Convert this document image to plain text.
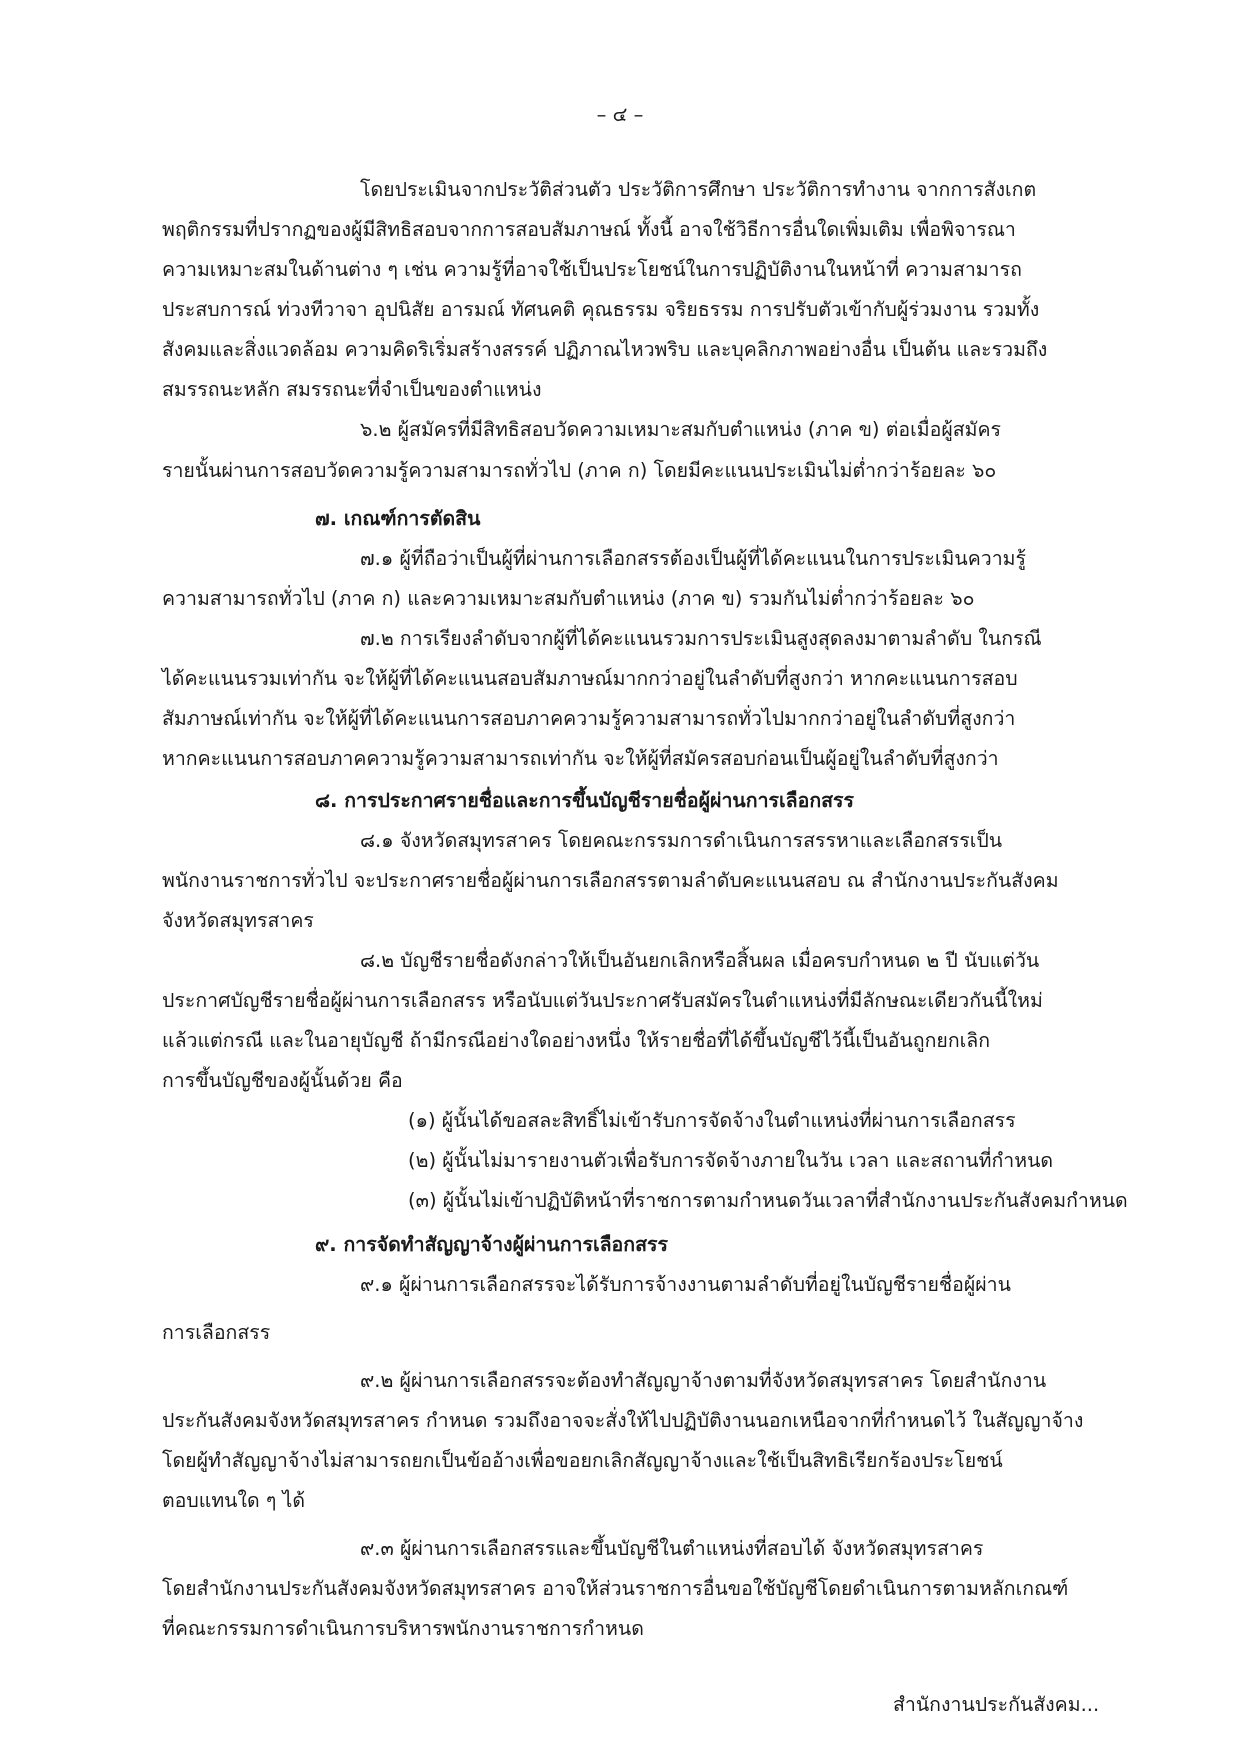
– ๔ –
โดยประเมินจากประวัติส่วนตัว ประวัติการศึกษา ประวัติการทำงาน จากการสังเกต
พฤติกรรมที่ปรากฏของผู้มีสิทธิสอบจากการสอบสัมภาษณ์ ทั้งนี้ อาจใช้วิธีการอื่นใดเพิ่มเติม เพื่อพิจารณา
ความเหมาะสมในด้านต่าง ๆ เช่น ความรู้ที่อาจใช้เป็นประโยชน์ในการปฏิบัติงานในหน้าที่ ความสามารถ
ประสบการณ์ ท่วงทีวาจา อุปนิสัย อารมณ์ ทัศนคติ คุณธรรม จริยธรรม การปรับตัวเข้ากับผู้ร่วมงาน รวมทั้ง
สังคมและสิ่งแวดล้อม ความคิดริเริ่มสร้างสรรค์ ปฏิภาณไหวพริบ และบุคลิกภาพอย่างอื่น เป็นต้น และรวมถึง
สมรรถนะหลัก สมรรถนะที่จำเป็นของตำแหน่ง
๖.๒ ผู้สมัครที่มีสิทธิสอบวัดความเหมาะสมกับตำแหน่ง (ภาค ข) ต่อเมื่อผู้สมัคร
รายนั้นผ่านการสอบวัดความรู้ความสามารถทั่วไป (ภาค ก) โดยมีคะแนนประเมินไม่ต่ำกว่าร้อยละ ๖๐
๗. เกณฑ์การตัดสิน
๗.๑ ผู้ที่ถือว่าเป็นผู้ที่ผ่านการเลือกสรรต้องเป็นผู้ที่ได้คะแนนในการประเมินความรู้
ความสามารถทั่วไป (ภาค ก) และความเหมาะสมกับตำแหน่ง (ภาค ข) รวมกันไม่ต่ำกว่าร้อยละ ๖๐
๗.๒ การเรียงลำดับจากผู้ที่ได้คะแนนรวมการประเมินสูงสุดลงมาตามลำดับ ในกรณี
ได้คะแนนรวมเท่ากัน จะให้ผู้ที่ได้คะแนนสอบสัมภาษณ์มากกว่าอยู่ในลำดับที่สูงกว่า หากคะแนนการสอบ
สัมภาษณ์เท่ากัน จะให้ผู้ที่ได้คะแนนการสอบภาคความรู้ความสามารถทั่วไปมากกว่าอยู่ในลำดับที่สูงกว่า
หากคะแนนการสอบภาคความรู้ความสามารถเท่ากัน จะให้ผู้ที่สมัครสอบก่อนเป็นผู้อยู่ในลำดับที่สูงกว่า
๘. การประกาศรายชื่อและการขึ้นบัญชีรายชื่อผู้ผ่านการเลือกสรร
๘.๑ จังหวัดสมุทรสาคร โดยคณะกรรมการดำเนินการสรรหาและเลือกสรรเป็น
พนักงานราชการทั่วไป จะประกาศรายชื่อผู้ผ่านการเลือกสรรตามลำดับคะแนนสอบ ณ สำนักงานประกันสังคม
จังหวัดสมุทรสาคร
๘.๒ บัญชีรายชื่อดังกล่าวให้เป็นอันยกเลิกหรือสิ้นผล เมื่อครบกำหนด ๒ ปี นับแต่วัน
ประกาศบัญชีรายชื่อผู้ผ่านการเลือกสรร หรือนับแต่วันประกาศรับสมัครในตำแหน่งที่มีลักษณะเดียวกันนี้ใหม่
แล้วแต่กรณี และในอายุบัญชี ถ้ามีกรณีอย่างใดอย่างหนึ่ง ให้รายชื่อที่ได้ขึ้นบัญชีไว้นี้เป็นอันถูกยกเลิก
การขึ้นบัญชีของผู้นั้นด้วย คือ
(๑) ผู้นั้นได้ขอสละสิทธิ์ไม่เข้ารับการจัดจ้างในตำแหน่งที่ผ่านการเลือกสรร
(๒) ผู้นั้นไม่มารายงานตัวเพื่อรับการจัดจ้างภายในวัน เวลา และสถานที่กำหนด
(๓) ผู้นั้นไม่เข้าปฏิบัติหน้าที่ราชการตามกำหนดวันเวลาที่สำนักงานประกันสังคมกำหนด
๙. การจัดทำสัญญาจ้างผู้ผ่านการเลือกสรร
๙.๑ ผู้ผ่านการเลือกสรรจะได้รับการจ้างงานตามลำดับที่อยู่ในบัญชีรายชื่อผู้ผ่าน
การเลือกสรร
๙.๒ ผู้ผ่านการเลือกสรรจะต้องทำสัญญาจ้างตามที่จังหวัดสมุทรสาคร โดยสำนักงาน
ประกันสังคมจังหวัดสมุทรสาคร กำหนด รวมถึงอาจจะสั่งให้ไปปฏิบัติงานนอกเหนือจากที่กำหนดไว้ ในสัญญาจ้าง
โดยผู้ทำสัญญาจ้างไม่สามารถยกเป็นข้ออ้างเพื่อขอยกเลิกสัญญาจ้างและใช้เป็นสิทธิเรียกร้องประโยชน์
ตอบแทนใด ๆ ได้
๙.๓ ผู้ผ่านการเลือกสรรและขึ้นบัญชีในตำแหน่งที่สอบได้ จังหวัดสมุทรสาคร
โดยสำนักงานประกันสังคมจังหวัดสมุทรสาคร อาจให้ส่วนราชการอื่นขอใช้บัญชีโดยดำเนินการตามหลักเกณฑ์
ที่คณะกรรมการดำเนินการบริหารพนักงานราชการกำหนด
สำนักงานประกันสังคม...
